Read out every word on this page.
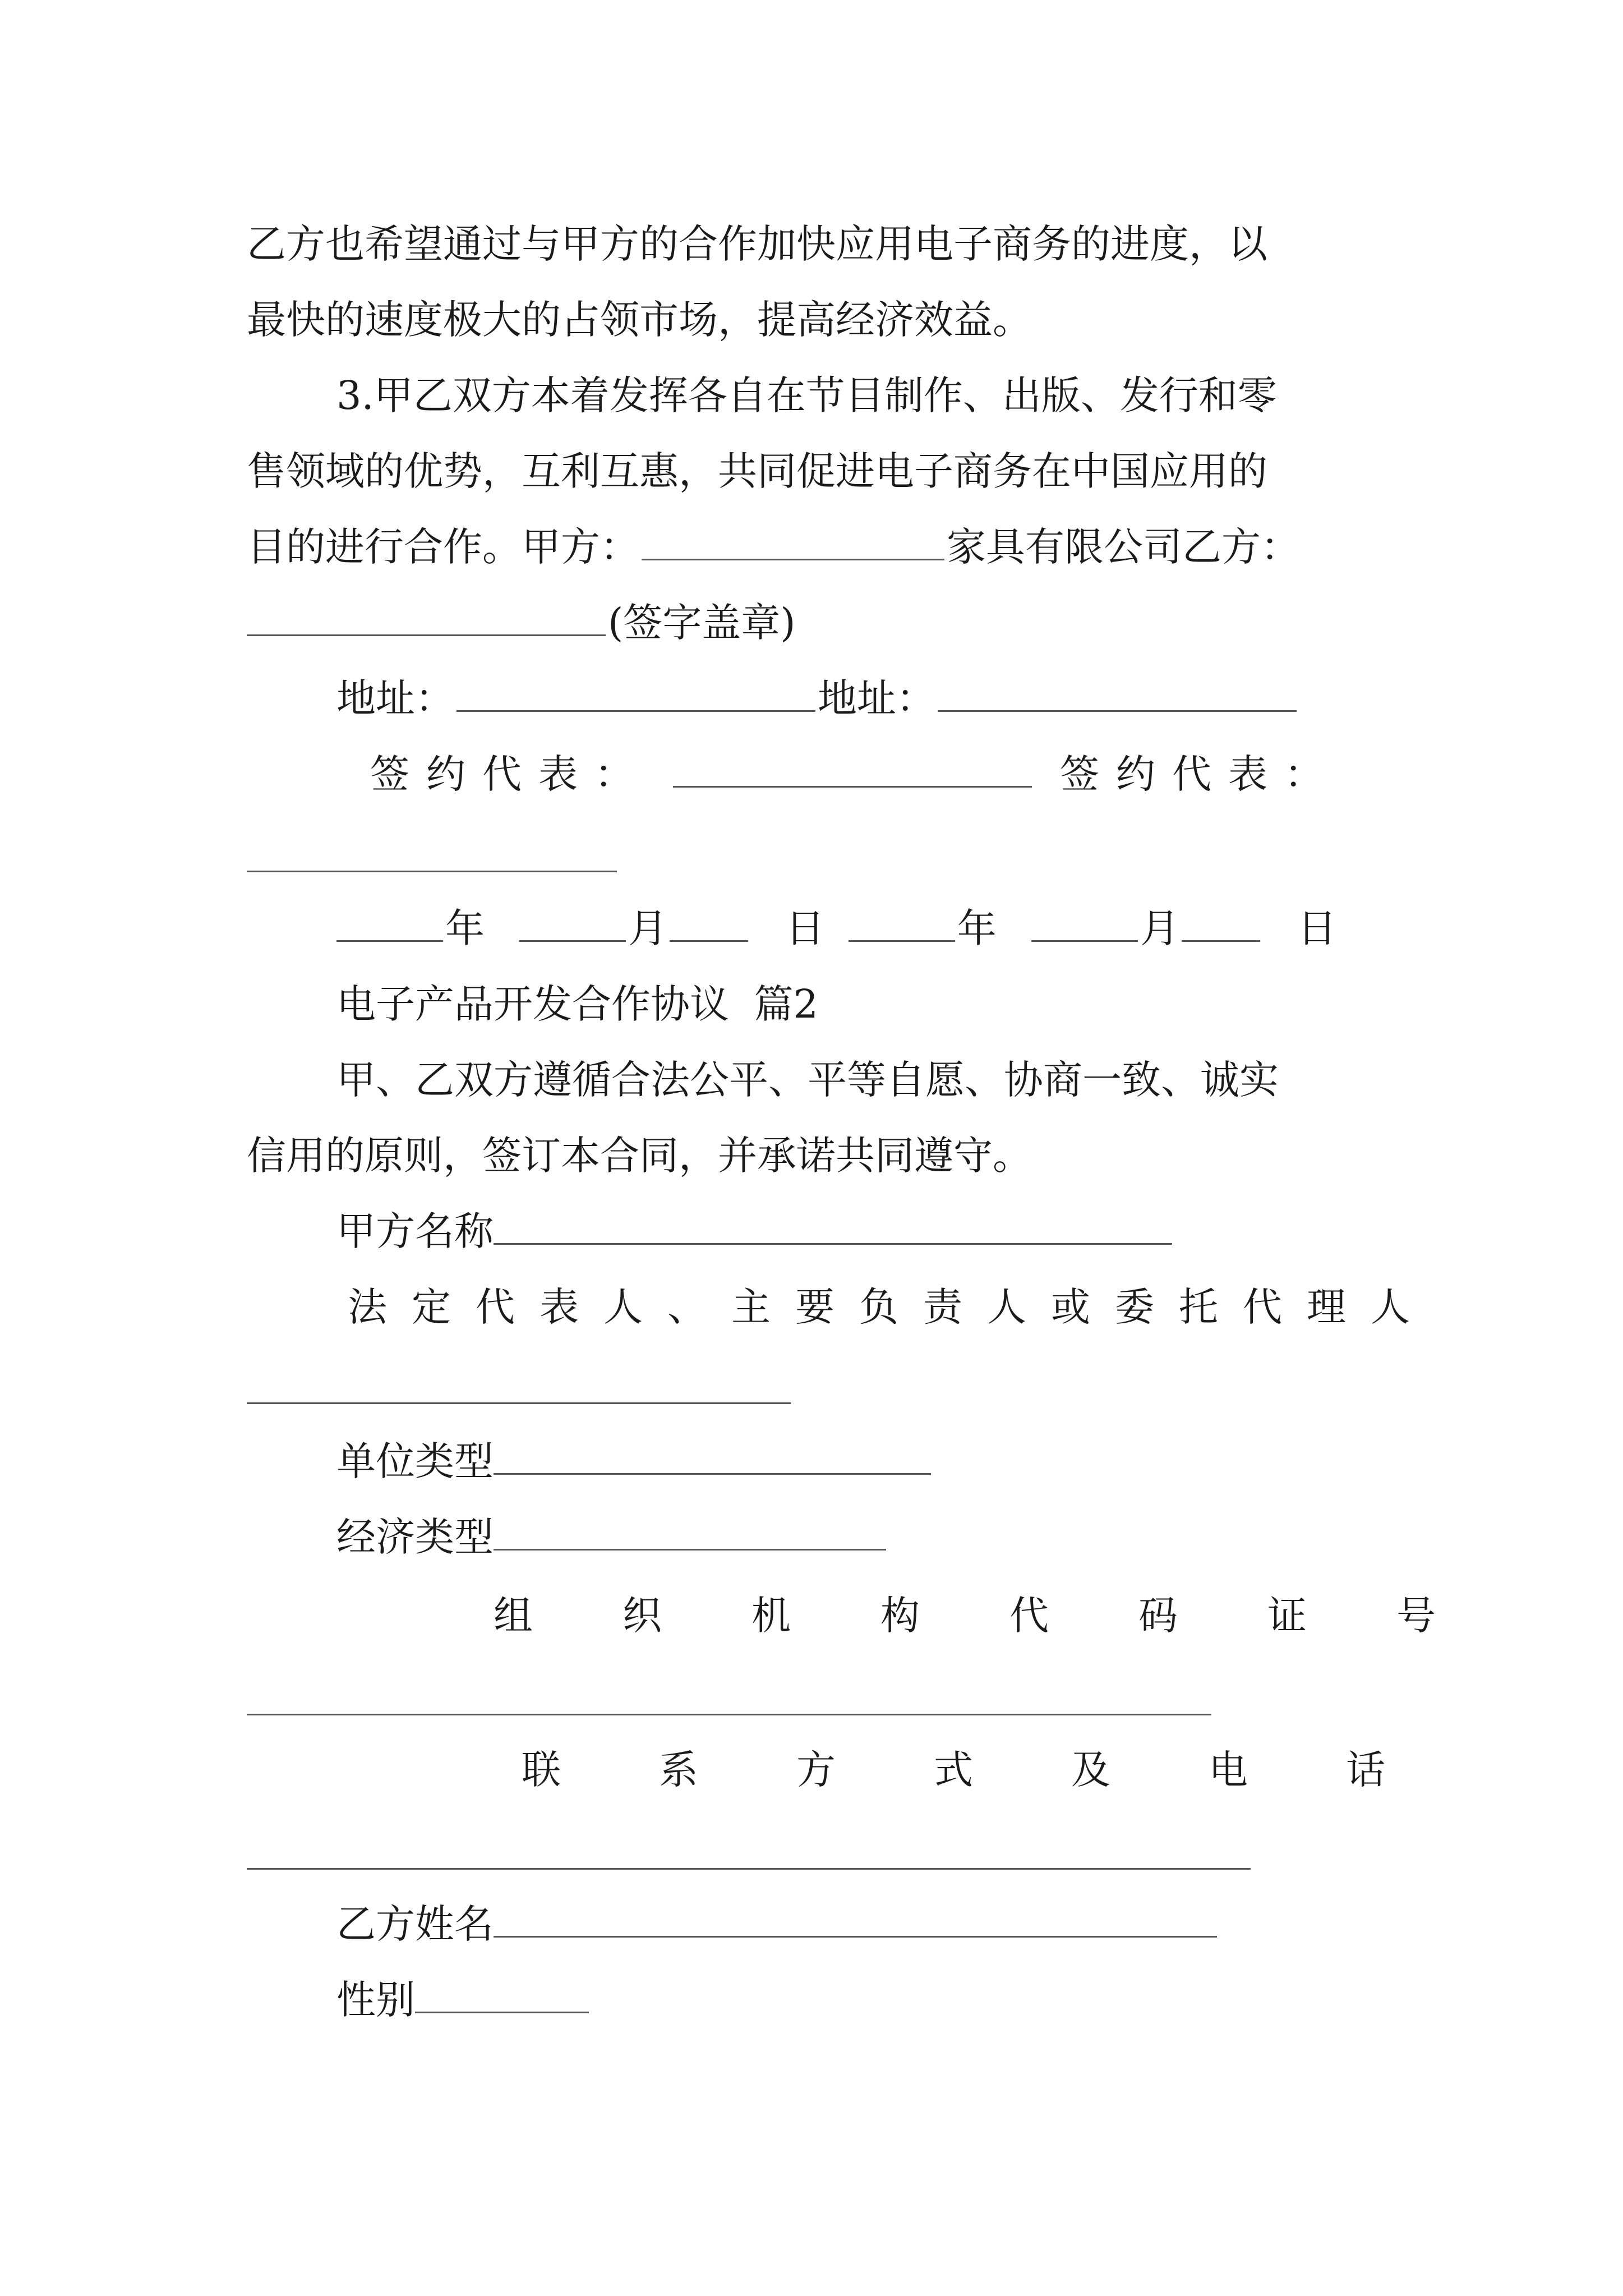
乙方也希望通过与甲方的合作加快应用电子商务的进度，以
最快的速度极大的占领市场，提高经济效益。
3.甲乙双方本着发挥各自在节目制作、出版、发行和零
售领域的优势，互利互惠，共同促进电子商务在中国应用的
目的进行合作。甲方：	家具有限公司乙方：
(签字盖章)
地址：	地址：
签约代表：	签约代表：
年	月	日	年	月	日
电子产品开发合作协议  篇2
甲、乙双方遵循合法公平、平等自愿、协商一致、诚实
信用的原则，签订本合同，并承诺共同遵守。
甲方名称
法定代表人、主要负责人或委托代理人
单位类型
经济类型
组织机构代码证号
联系方式及电话
乙方姓名
性别
